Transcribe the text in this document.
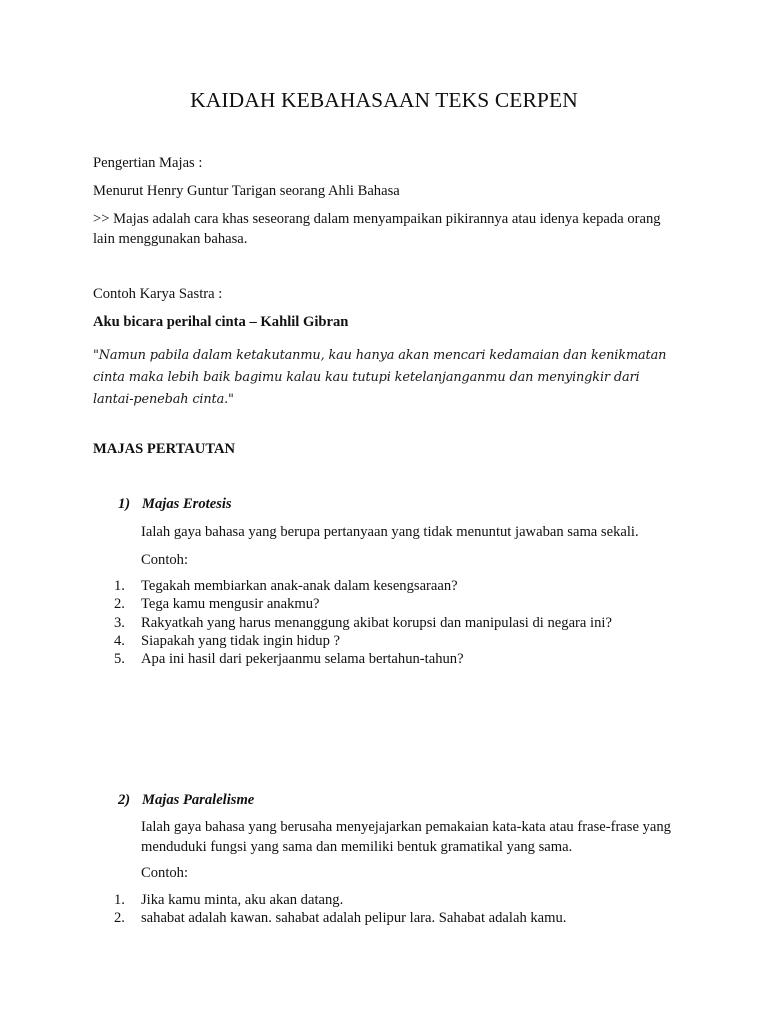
KAIDAH KEBAHASAAN TEKS CERPEN
Pengertian Majas :
Menurut Henry Guntur Tarigan seorang Ahli Bahasa
>> Majas adalah cara khas seseorang dalam menyampaikan pikirannya atau idenya kepada orang lain menggunakan bahasa.
Contoh Karya Sastra :
Aku bicara perihal cinta – Kahlil Gibran
"Namun pabila dalam ketakutanmu, kau hanya akan mencari kedamaian dan kenikmatan cinta maka lebih baik bagimu kalau kau tutupi ketelanjanganmu dan menyingkir dari lantai-penebah cinta."
MAJAS PERTAUTAN
1) Majas Erotesis
Ialah gaya bahasa yang berupa pertanyaan yang tidak menuntut jawaban sama sekali.
Contoh:
1. Tegakah membiarkan anak-anak dalam kesengsaraan?
2. Tega kamu mengusir anakmu?
3. Rakyatkah yang harus menanggung akibat korupsi dan manipulasi di negara ini?
4. Siapakah yang tidak ingin hidup ?
5. Apa ini hasil dari pekerjaanmu selama bertahun-tahun?
2) Majas Paralelisme
Ialah gaya bahasa yang berusaha menyejajarkan pemakaian kata-kata atau frase-frase yang menduduki fungsi yang sama dan memiliki bentuk gramatikal yang sama.
Contoh:
1. Jika kamu minta, aku akan datang.
2. sahabat adalah kawan. sahabat adalah pelipur lara. Sahabat adalah kamu.
